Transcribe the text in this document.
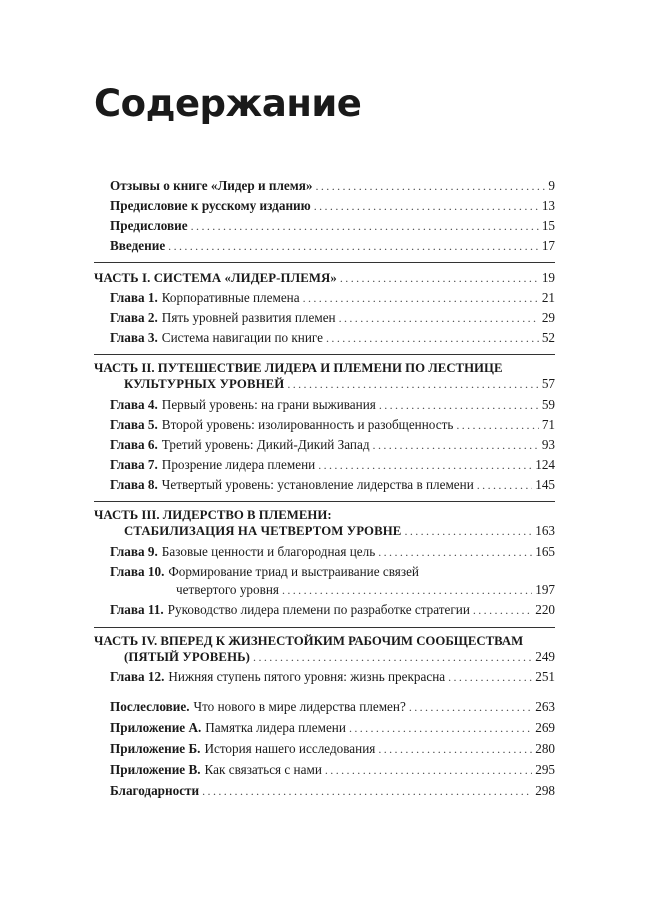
Содержание
Отзывы о книге «Лидер и племя» .....	9
Предисловие к русскому изданию .....	13
Предисловие .....	15
Введение .....	17
ЧАСТЬ I. СИСТЕМА «ЛИДЕР-ПЛЕМЯ» .....	19
Глава 1. Корпоративные племена .....	21
Глава 2. Пять уровней развития племен .....	29
Глава 3. Система навигации по книге .....	52
ЧАСТЬ II. ПУТЕШЕСТВИЕ ЛИДЕРА И ПЛЕМЕНИ ПО ЛЕСТНИЦЕ
КУЛЬТУРНЫХ УРОВНЕЙ .....	57
Глава 4. Первый уровень: на грани выживания .....	59
Глава 5. Второй уровень: изолированность и разобщенность .....	71
Глава 6. Третий уровень: Дикий-Дикий Запад .....	93
Глава 7. Прозрение лидера племени .....	124
Глава 8. Четвертый уровень: установление лидерства в племени .....	145
ЧАСТЬ III. ЛИДЕРСТВО В ПЛЕМЕНИ:
СТАБИЛИЗАЦИЯ НА ЧЕТВЕРТОМ УРОВНЕ .....	163
Глава 9. Базовые ценности и благородная цель .....	165
Глава 10. Формирование триад и выстраивание связей
четвертого уровня .....	197
Глава 11. Руководство лидера племени по разработке стратегии .....	220
ЧАСТЬ IV. ВПЕРЕД К ЖИЗНЕСТОЙКИМ РАБОЧИМ СООБЩЕСТВАМ
(ПЯТЫЙ УРОВЕНЬ) .....	249
Глава 12. Нижняя ступень пятого уровня: жизнь прекрасна .....	251
Послесловие. Что нового в мире лидерства племен? .....	263
Приложение А. Памятка лидера племени .....	269
Приложение Б. История нашего исследования .....	280
Приложение В. Как связаться с нами .....	295
Благодарности .....	298
